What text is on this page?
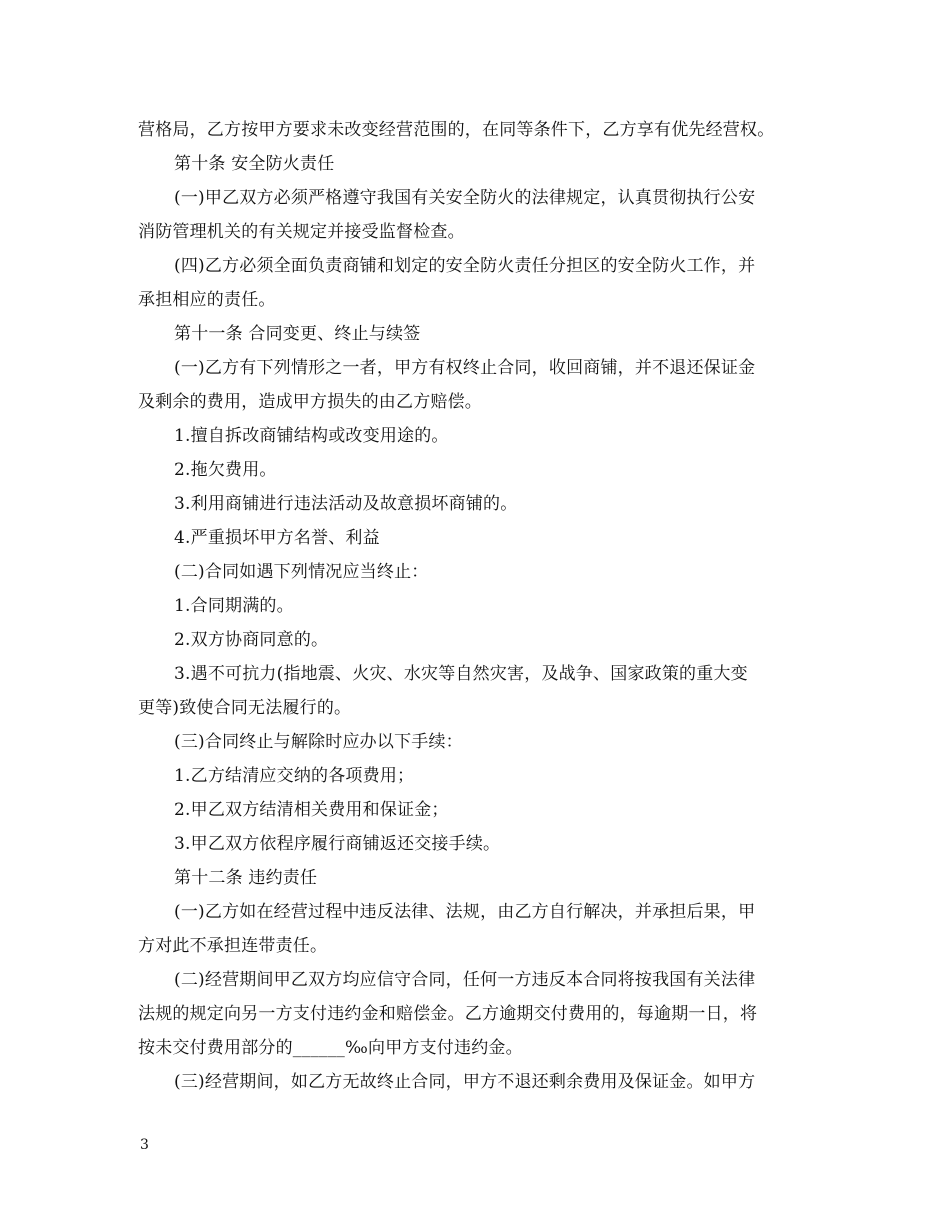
营格局，乙方按甲方要求未改变经营范围的，在同等条件下，乙方享有优先经营权。
第十条 安全防火责任
(一)甲乙双方必须严格遵守我国有关安全防火的法律规定，认真贯彻执行公安
消防管理机关的有关规定并接受监督检查。
(四)乙方必须全面负责商铺和划定的安全防火责任分担区的安全防火工作，并
承担相应的责任。
第十一条 合同变更、终止与续签
(一)乙方有下列情形之一者，甲方有权终止合同，收回商铺，并不退还保证金
及剩余的费用，造成甲方损失的由乙方赔偿。
1.擅自拆改商铺结构或改变用途的。
2.拖欠费用。
3.利用商铺进行违法活动及故意损坏商铺的。
4.严重损坏甲方名誉、利益
(二)合同如遇下列情况应当终止：
1.合同期满的。
2.双方协商同意的。
3.遇不可抗力(指地震、火灾、水灾等自然灾害，及战争、国家政策的重大变
更等)致使合同无法履行的。
(三)合同终止与解除时应办以下手续：
1.乙方结清应交纳的各项费用；
2.甲乙双方结清相关费用和保证金；
3.甲乙双方依程序履行商铺返还交接手续。
第十二条 违约责任
(一)乙方如在经营过程中违反法律、法规，由乙方自行解决，并承担后果，甲
方对此不承担连带责任。
(二)经营期间甲乙双方均应信守合同，任何一方违反本合同将按我国有关法律
法规的规定向另一方支付违约金和赔偿金。乙方逾期交付费用的，每逾期一日，将
按未交付费用部分的______‰向甲方支付违约金。
(三)经营期间，如乙方无故终止合同，甲方不退还剩余费用及保证金。如甲方
3
